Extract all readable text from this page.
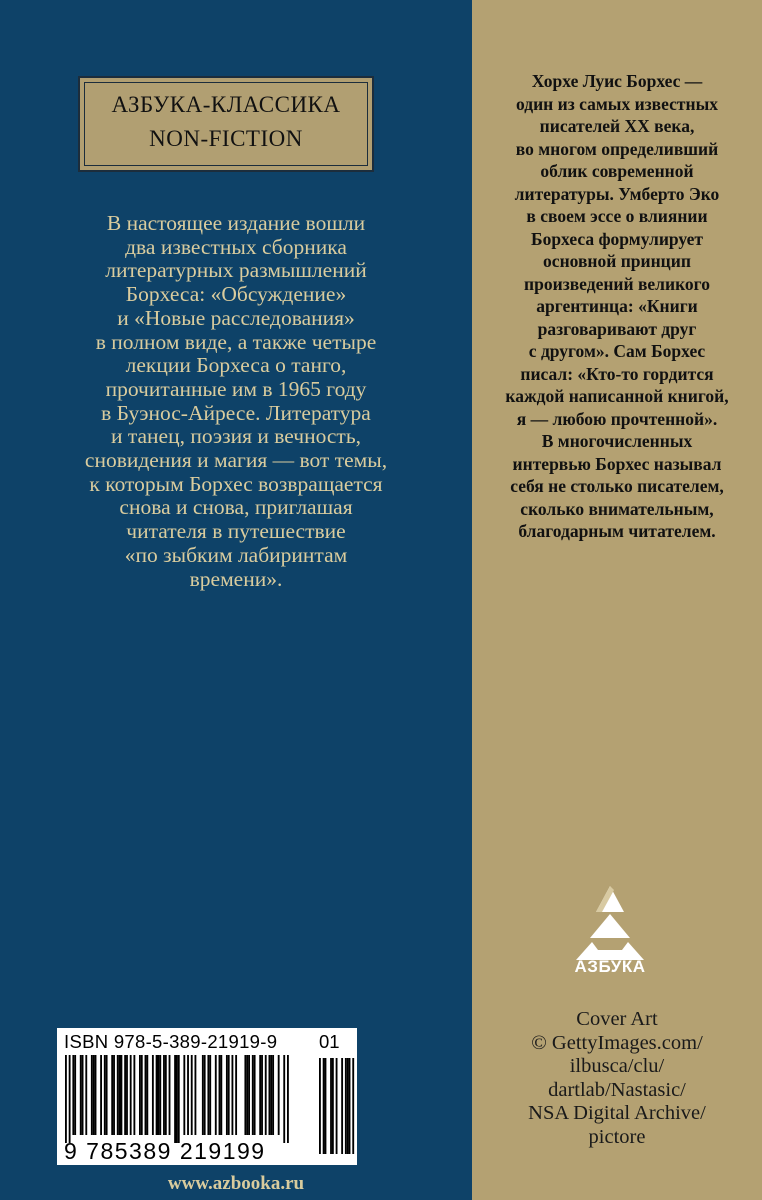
АЗБУКА-КЛАССИКА
NON-FICTION
В настоящее издание вошли
два известных сборника
литературных размышлений
Борхеса: «Обсуждение»
и «Новые расследования»
в полном виде, а также четыре
лекции Борхеса о танго,
прочитанные им в 1965 году
в Буэнос-Айресе. Литература
и танец, поэзия и вечность,
сновидения и магия — вот темы,
к которым Борхес возвращается
снова и снова, приглашая
читателя в путешествие
«по зыбким лабиринтам
времени».
ISBN 978-5-389-21919-9 01
9 785389 219199
www.azbooka.ru
Хорхе Луис Борхес —
один из самых известных
писателей XX века,
во многом определивший
облик современной
литературы. Умберто Эко
в своем эссе о влиянии
Борхеса формулирует
основной принцип
произведений великого
аргентинца: «Книги
разговаривают друг
с другом». Сам Борхес
писал: «Кто-то гордится
каждой написанной книгой,
я — любою прочтенной».
В многочисленных
интервью Борхес называл
себя не столько писателем,
сколько внимательным,
благодарным читателем.
АЗБУКА
Cover Art
© GettyImages.com/
ilbusca/clu/
dartlab/Nastasic/
NSA Digital Archive/
pictore
